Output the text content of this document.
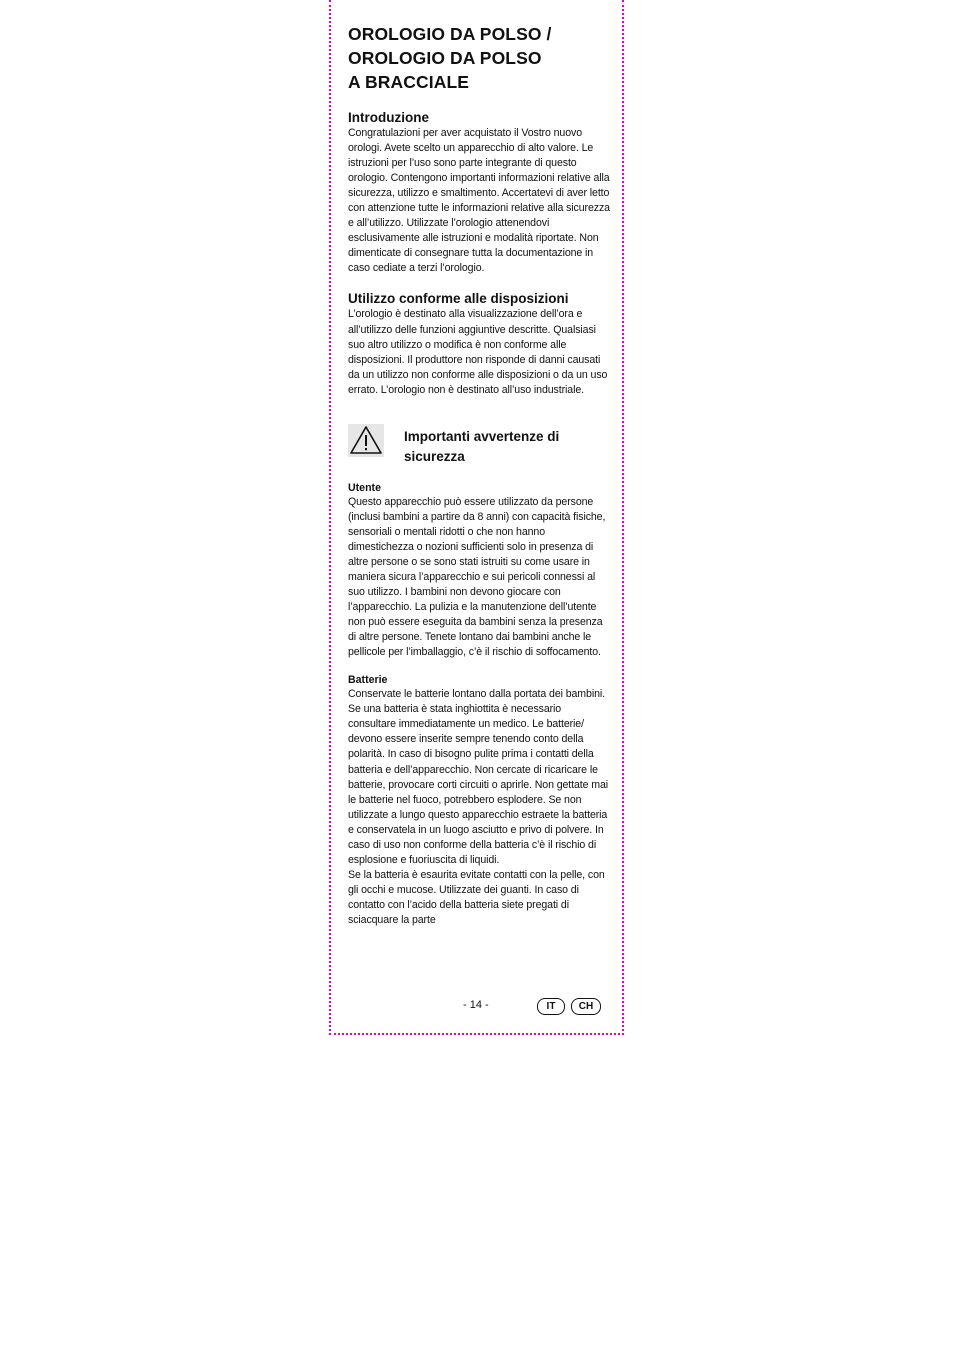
OROLOGIO DA POLSO /
OROLOGIO DA POLSO
A BRACCIALE
Introduzione

Congratulazioni per aver acquistato il Vostro nuovo orologi. Avete scelto un apparecchio di alto valore. Le istruzioni per l’uso sono parte integrante di questo orologio. Contengono importanti informazioni relative alla sicurezza, utilizzo e smaltimento. Accertatevi di aver letto con attenzione tutte le informazioni relative alla sicurezza e all’utilizzo. Utilizzate l’orologio attenendovi esclusivamente alle istruzioni e modalità riportate. Non dimenticate di consegnare tutta la documentazione in caso cediate a terzi l’orologio.

Utilizzo conforme alle disposizioni

L’orologio è destinato alla visualizzazione dell’ora e all’utilizzo delle funzioni aggiuntive descritte. Qualsiasi suo altro utilizzo o modifica è non conforme alle disposizioni. Il produttore non risponde di danni causati da un utilizzo non conforme alle disposizioni o da un uso errato. L’orologio non è destinato all’uso industriale.

Importanti avvertenze di sicurezza
Utente

Questo apparecchio può essere utilizzato da persone (inclusi bambini a partire da 8 anni) con capacità fisiche, sensoriali o mentali ridotti o che non hanno dimestichezza o nozioni sufficienti solo in presenza di altre persone o se sono stati istruiti su come usare in maniera sicura l’apparecchio e sui pericoli connessi al suo utilizzo. I bambini non devono giocare con l’apparecchio. La pulizia e la manutenzione dell’utente non può essere eseguita da bambini senza la presenza di altre persone. Tenete lontano dai bambini anche le pellicole per l’imballaggio, c’è il rischio di soffocamento.

Batterie

Conservate le batterie lontano dalla portata dei bambini. Se una batteria è stata inghiottita è necessario consultare immediatamente un medico. Le batterie/ devono essere inserite sempre tenendo conto della polarità. In caso di bisogno pulite prima i contatti della batteria e dell’apparecchio. Non cercate di ricaricare le batterie, provocare corti circuiti o aprirle. Non gettate mai le batterie nel fuoco, potrebbero esplodere. Se non utilizzate a lungo questo apparecchio estraete la batteria e conservatela in un luogo asciutto e privo di polvere. In caso di uso non conforme della batteria c’è il rischio di esplosione e fuoriuscita di liquidi.

Se la batteria è esaurita evitate contatti con la pelle, con gli occhi e mucose. Utilizzate dei guanti. In caso di contatto con l’acido della batteria siete pregati di sciacquare la parte

- 14 -	IT	CH
